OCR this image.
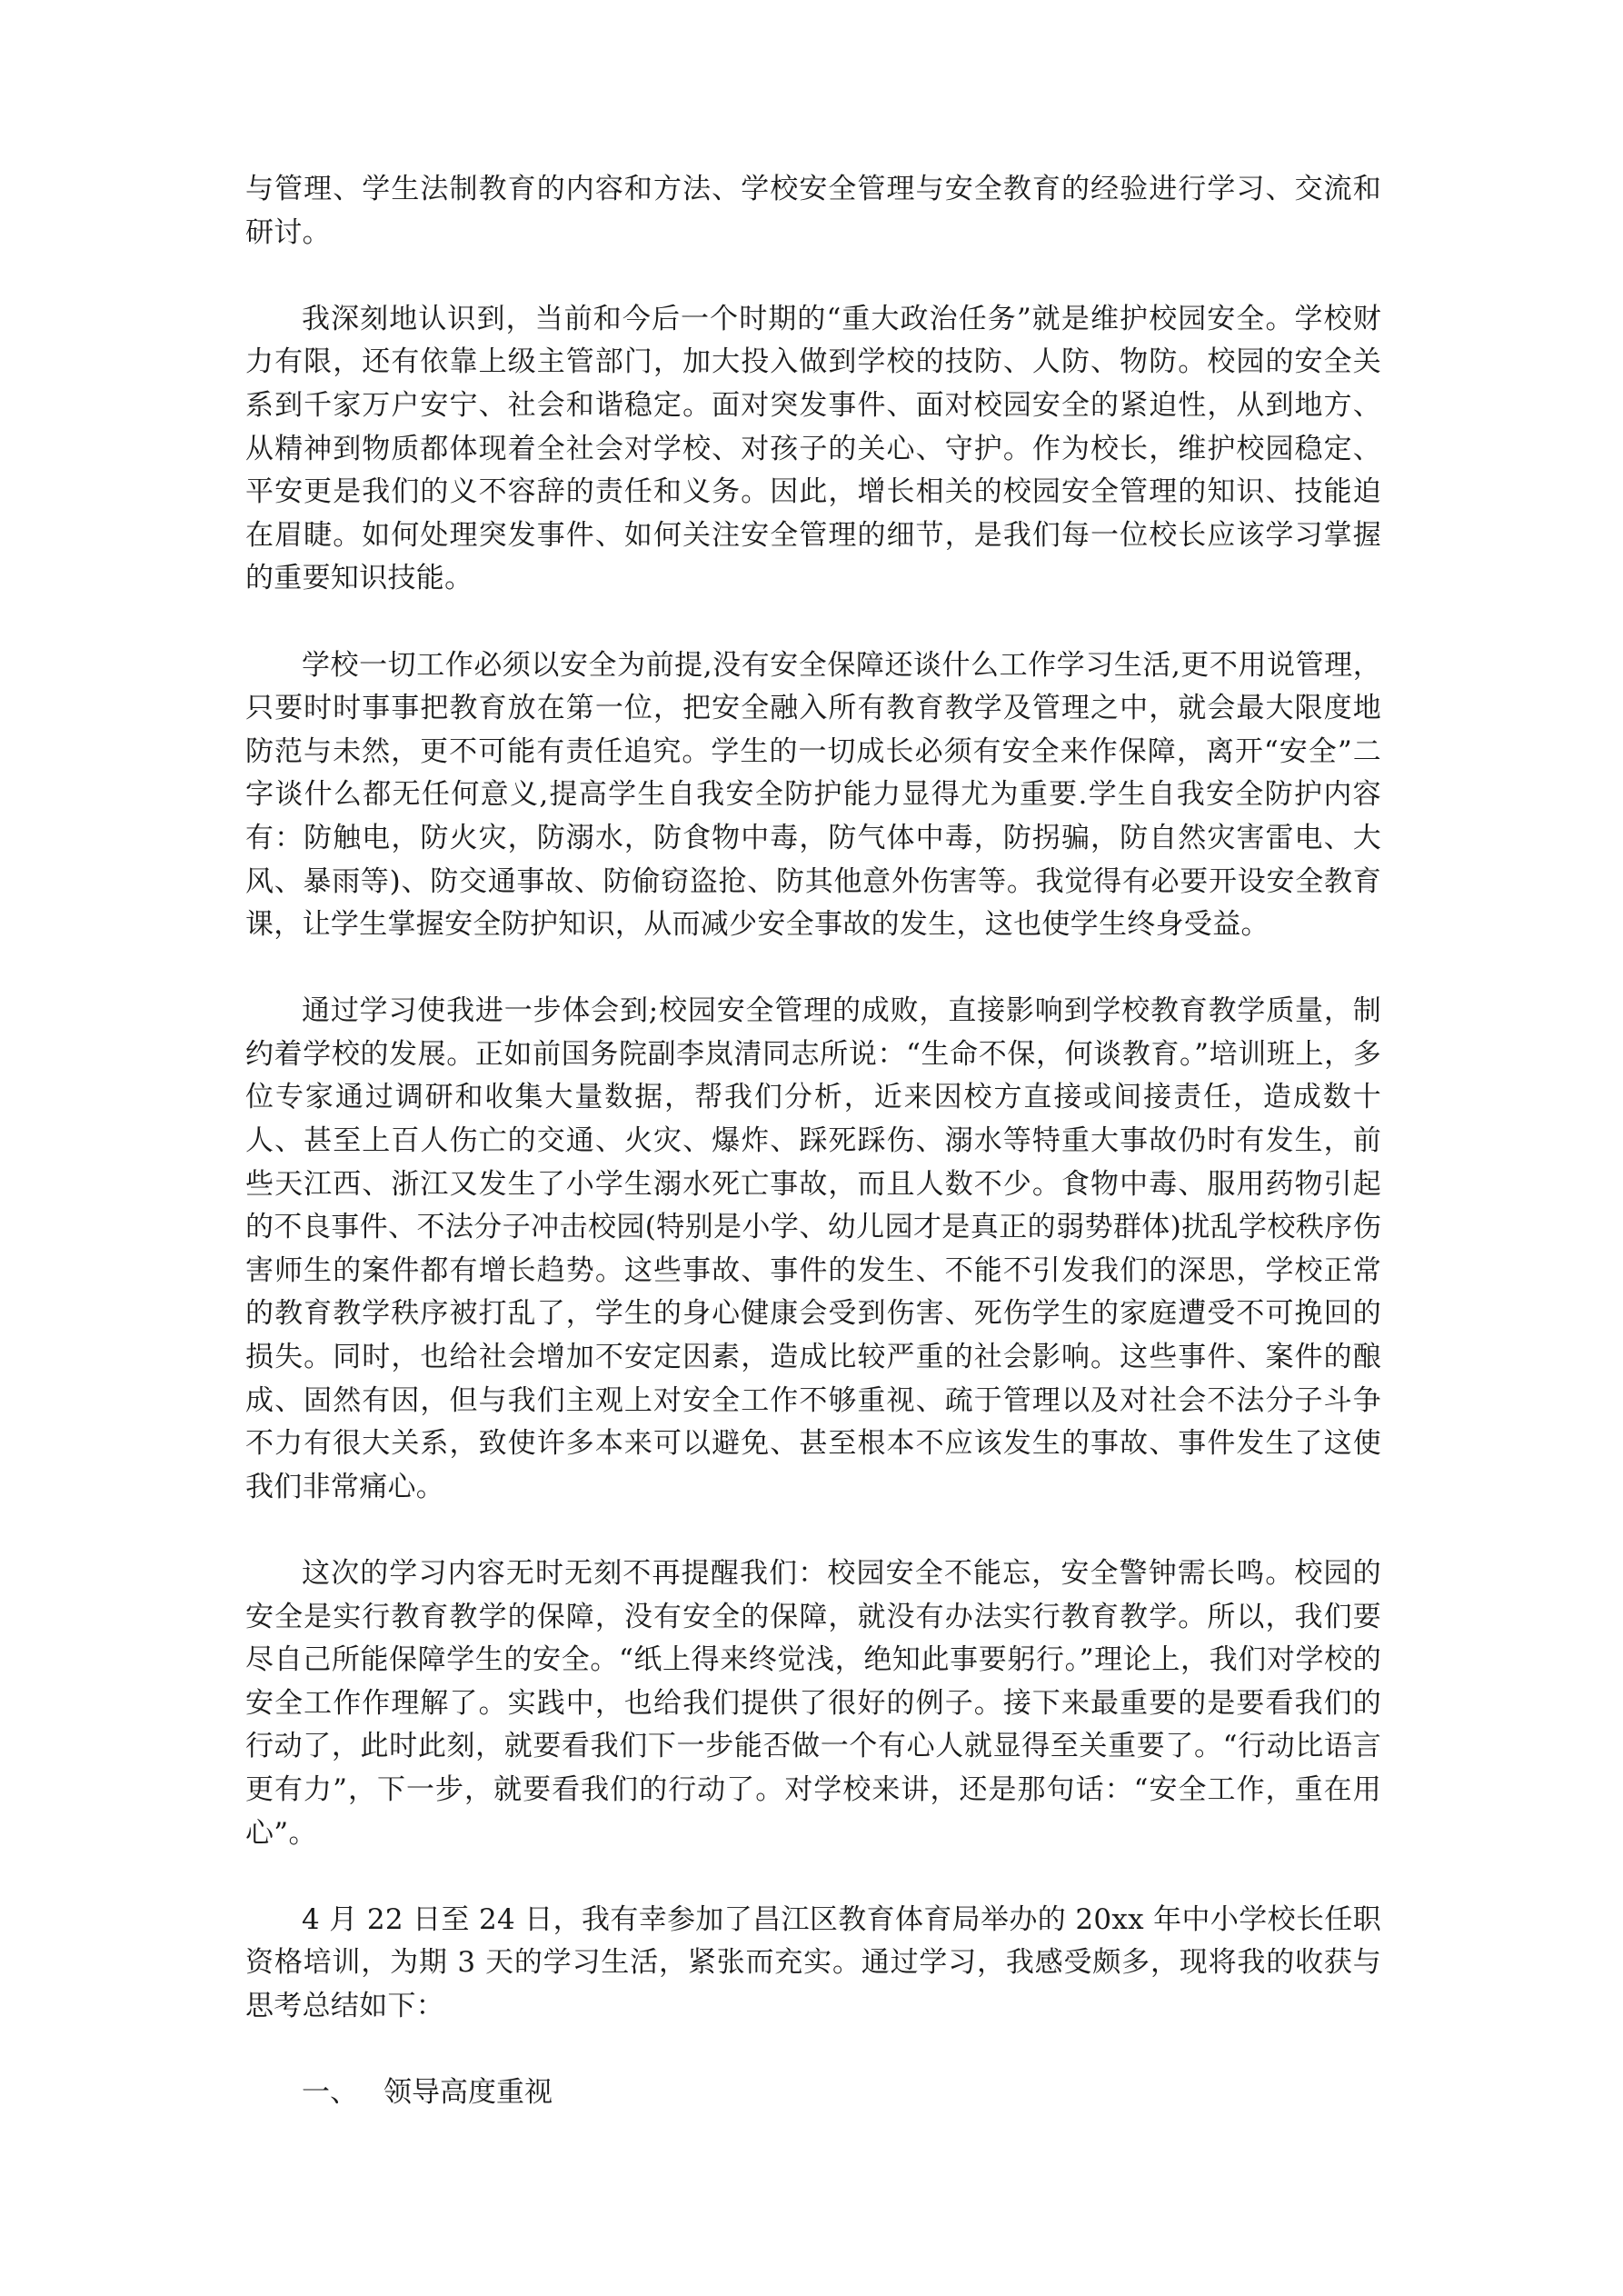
与管理、学生法制教育的内容和方法、学校安全管理与安全教育的经验进行学习、交流和研讨。

我深刻地认识到，当前和今后一个时期的“重大政治任务”就是维护校园安全。学校财力有限，还有依靠上级主管部门，加大投入做到学校的技防、人防、物防。校园的安全关系到千家万户安宁、社会和谐稳定。面对突发事件、面对校园安全的紧迫性，从到地方、从精神到物质都体现着全社会对学校、对孩子的关心、守护。作为校长，维护校园稳定、平安更是我们的义不容辞的责任和义务。因此，增长相关的校园安全管理的知识、技能迫在眉睫。如何处理突发事件、如何关注安全管理的细节，是我们每一位校长应该学习掌握的重要知识技能。

学校一切工作必须以安全为前提,没有安全保障还谈什么工作学习生活,更不用说管理，只要时时事事把教育放在第一位，把安全融入所有教育教学及管理之中，就会最大限度地防范与未然，更不可能有责任追究。学生的一切成长必须有安全来作保障，离开“安全”二字谈什么都无任何意义,提高学生自我安全防护能力显得尤为重要.学生自我安全防护内容有：防触电，防火灾，防溺水，防食物中毒，防气体中毒，防拐骗，防自然灾害雷电、大风、暴雨等)、防交通事故、防偷窃盗抢、防其他意外伤害等。我觉得有必要开设安全教育课，让学生掌握安全防护知识，从而减少安全事故的发生，这也使学生终身受益。

通过学习使我进一步体会到;校园安全管理的成败，直接影响到学校教育教学质量，制约着学校的发展。正如前国务院副李岚清同志所说：“生命不保，何谈教育。”培训班上，多位专家通过调研和收集大量数据，帮我们分析，近来因校方直接或间接责任，造成数十人、甚至上百人伤亡的交通、火灾、爆炸、踩死踩伤、溺水等特重大事故仍时有发生，前些天江西、浙江又发生了小学生溺水死亡事故，而且人数不少。食物中毒、服用药物引起的不良事件、不法分子冲击校园(特别是小学、幼儿园才是真正的弱势群体)扰乱学校秩序伤害师生的案件都有增长趋势。这些事故、事件的发生、不能不引发我们的深思，学校正常的教育教学秩序被打乱了，学生的身心健康会受到伤害、死伤学生的家庭遭受不可挽回的损失。同时，也给社会增加不安定因素，造成比较严重的社会影响。这些事件、案件的酿成、固然有因，但与我们主观上对安全工作不够重视、疏于管理以及对社会不法分子斗争不力有很大关系，致使许多本来可以避免、甚至根本不应该发生的事故、事件发生了这使我们非常痛心。

这次的学习内容无时无刻不再提醒我们：校园安全不能忘，安全警钟需长鸣。校园的安全是实行教育教学的保障，没有安全的保障，就没有办法实行教育教学。所以，我们要尽自己所能保障学生的安全。“纸上得来终觉浅，绝知此事要躬行。”理论上，我们对学校的安全工作作理解了。实践中，也给我们提供了很好的例子。接下来最重要的是要看我们的行动了，此时此刻，就要看我们下一步能否做一个有心人就显得至关重要了。“行动比语言更有力”，下一步，就要看我们的行动了。对学校来讲，还是那句话：“安全工作，重在用心”。

4 月 22 日至 24 日，我有幸参加了昌江区教育体育局举办的 20xx 年中小学校长任职资格培训，为期 3 天的学习生活，紧张而充实。通过学习，我感受颇多，现将我的收获与思考总结如下：

一、 领导高度重视
